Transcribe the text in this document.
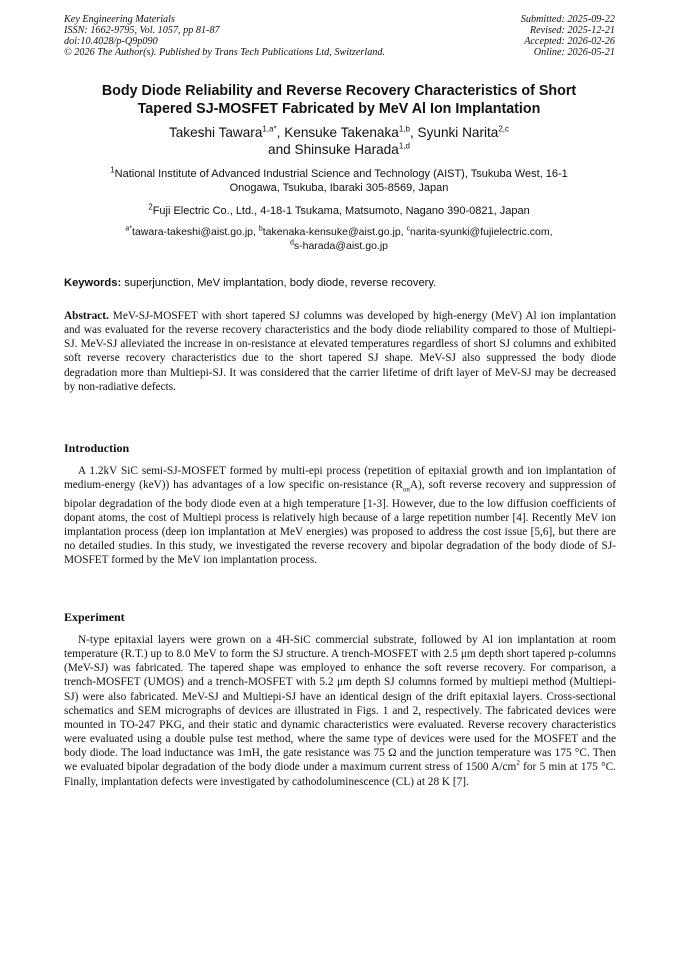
Key Engineering Materials
ISSN: 1662-9795, Vol. 1057, pp 81-87
doi:10.4028/p-Q9p090
© 2026 The Author(s). Published by Trans Tech Publications Ltd, Switzerland.
Submitted: 2025-09-22
Revised: 2025-12-21
Accepted: 2026-02-26
Online: 2026-05-21
Body Diode Reliability and Reverse Recovery Characteristics of Short
Tapered SJ-MOSFET Fabricated by MeV Al Ion Implantation
Takeshi Tawara$^{1,a*}$, Kensuke Takenaka$^{1,b}$, Syunki Narita$^{2,c}$
and Shinsuke Harada$^{1,d}$
$^1$National Institute of Advanced Industrial Science and Technology (AIST), Tsukuba West, 16-1
Onogawa, Tsukuba, Ibaraki 305-8569, Japan
$^2$Fuji Electric Co., Ltd., 4-18-1 Tsukama, Matsumoto, Nagano 390-0821, Japan
$^{a*}$tawara-takeshi@aist.go.jp, $^b$takenaka-kensuke@aist.go.jp, $^c$narita-syunki@fujielectric.com,
$^d$s-harada@aist.go.jp
Keywords: superjunction, MeV implantation, body diode, reverse recovery.
Abstract. MeV-SJ-MOSFET with short tapered SJ columns was developed by high-energy (MeV) Al ion implantation and was evaluated for the reverse recovery characteristics and the body diode reliability compared to those of Multiepi-SJ. MeV-SJ alleviated the increase in on-resistance at elevated temperatures regardless of short SJ columns and exhibited soft reverse recovery characteristics due to the short tapered SJ shape. MeV-SJ also suppressed the body diode degradation more than Multiepi-SJ. It was considered that the carrier lifetime of drift layer of MeV-SJ may be decreased by non-radiative defects.
Introduction
A 1.2kV SiC semi-SJ-MOSFET formed by multi-epi process (repetition of epitaxial growth and ion implantation of medium-energy (keV)) has advantages of a low specific on-resistance $(R_{on}A)$, soft reverse recovery and suppression of bipolar degradation of the body diode even at a high temperature [1-3]. However, due to the low diffusion coefficients of dopant atoms, the cost of Multiepi process is relatively high because of a large repetition number [4]. Recently MeV ion implantation process (deep ion implantation at MeV energies) was proposed to address the cost issue [5,6], but there are no detailed studies. In this study, we investigated the reverse recovery and bipolar degradation of the body diode of SJ-MOSFET formed by the MeV ion implantation process.
Experiment
N-type epitaxial layers were grown on a 4H-SiC commercial substrate, followed by Al ion implantation at room temperature (R.T.) up to 8.0 MeV to form the SJ structure. A trench-MOSFET with 2.5 μm depth short tapered p-columns (MeV-SJ) was fabricated. The tapered shape was employed to enhance the soft reverse recovery. For comparison, a trench-MOSFET (UMOS) and a trench-MOSFET with 5.2 μm depth SJ columns formed by multiepi method (Multiepi-SJ) were also fabricated. MeV-SJ and Multiepi-SJ have an identical design of the drift epitaxial layers. Cross-sectional schematics and SEM micrographs of devices are illustrated in Figs. 1 and 2, respectively. The fabricated devices were mounted in TO-247 PKG, and their static and dynamic characteristics were evaluated. Reverse recovery characteristics were evaluated using a double pulse test method, where the same type of devices were used for the MOSFET and the body diode. The load inductance was 1mH, the gate resistance was 75 Ω and the junction temperature was 175 °C. Then we evaluated bipolar degradation of the body diode under a maximum current stress of 1500 $A/cm^2$ for 5 min at 175 °C. Finally, implantation defects were investigated by cathodoluminescence (CL) at 28 K [7].
